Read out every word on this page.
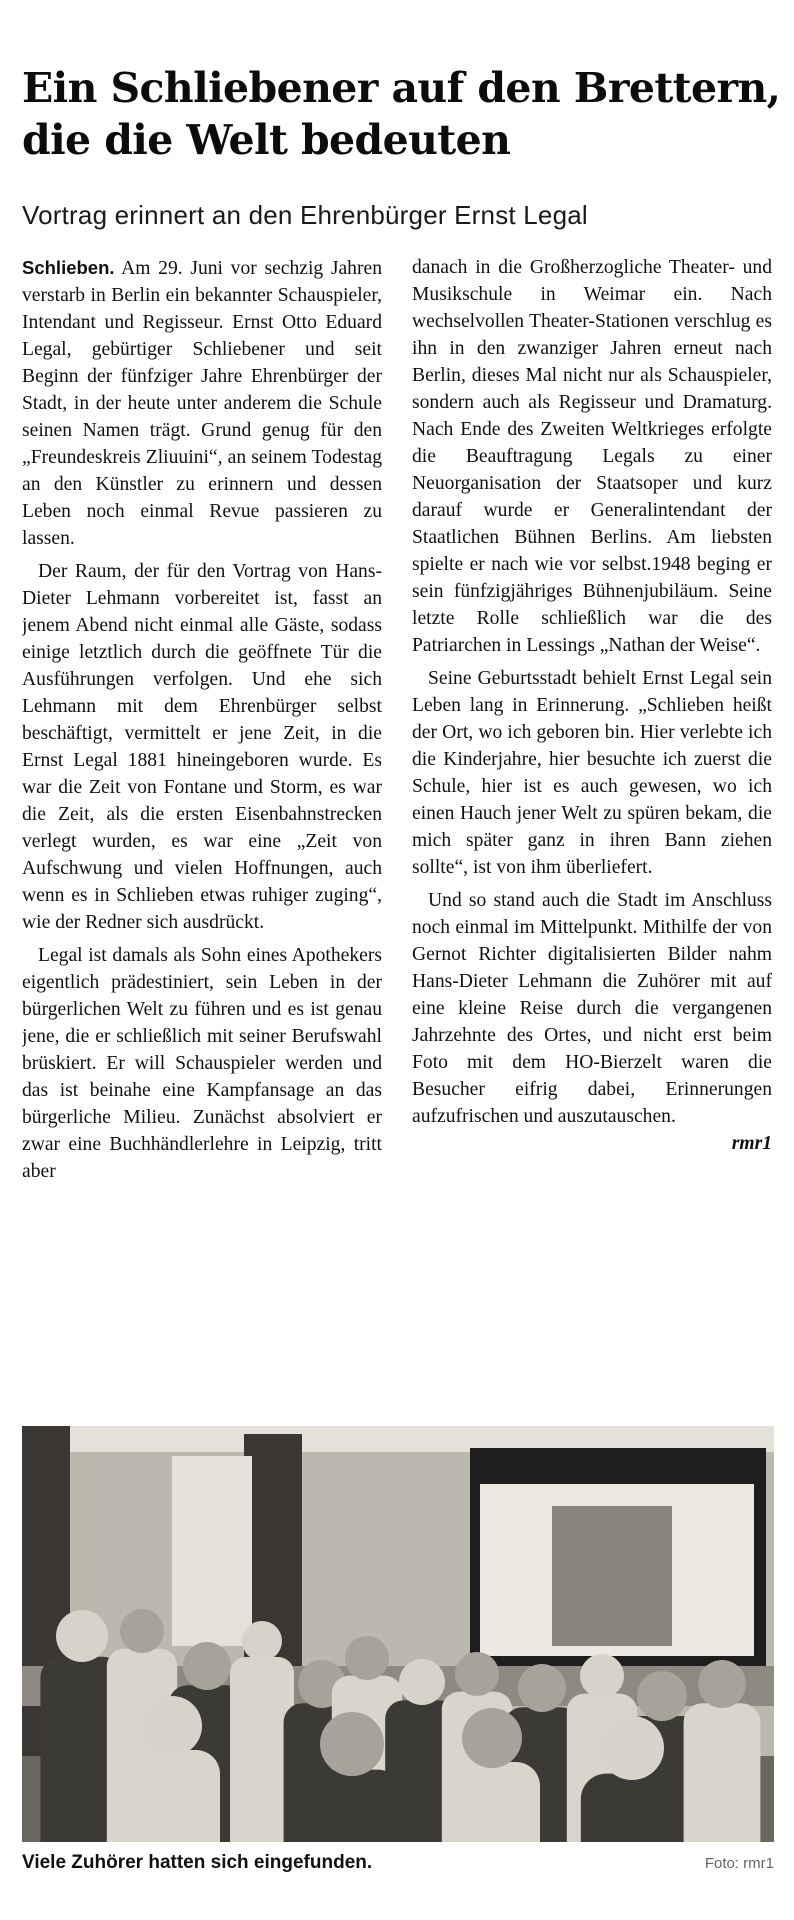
Ein Schliebener auf den Brettern,
die die Welt bedeuten
Vortrag erinnert an den Ehrenbürger Ernst Legal

Schlieben. Am 29. Juni vor sechzig Jahren verstarb in Berlin ein bekannter Schauspieler, Intendant und Regisseur. Ernst Otto Eduard Legal, gebürtiger Schliebener und seit Beginn der fünfziger Jahre Ehrenbürger der Stadt, in der heute unter anderem die Schule seinen Namen trägt. Grund genug für den „Freundeskreis Zliuuini“, an seinem Todestag an den Künstler zu erinnern und dessen Leben noch einmal Revue passieren zu lassen.

Der Raum, der für den Vortrag von Hans-Dieter Lehmann vorbereitet ist, fasst an jenem Abend nicht einmal alle Gäste, sodass einige letztlich durch die geöffnete Tür die Ausführungen verfolgen. Und ehe sich Lehmann mit dem Ehrenbürger selbst beschäftigt, vermittelt er jene Zeit, in die Ernst Legal 1881 hineingeboren wurde. Es war die Zeit von Fontane und Storm, es war die Zeit, als die ersten Eisenbahnstrecken verlegt wurden, es war eine „Zeit von Aufschwung und vielen Hoffnungen, auch wenn es in Schlieben etwas ruhiger zuging“, wie der Redner sich ausdrückt.

Legal ist damals als Sohn eines Apothekers eigentlich prädestiniert, sein Leben in der bürgerlichen Welt zu führen und es ist genau jene, die er schließlich mit seiner Berufswahl brüskiert. Er will Schauspieler werden und das ist beinahe eine Kampfansage an das bürgerliche Milieu. Zunächst absolviert er zwar eine Buchhändlerlehre in Leipzig, tritt aber

danach in die Großherzogliche Theater- und Musikschule in Weimar ein. Nach wechselvollen Theater-Stationen verschlug es ihn in den zwanziger Jahren erneut nach Berlin, dieses Mal nicht nur als Schauspieler, sondern auch als Regisseur und Dramaturg. Nach Ende des Zweiten Weltkrieges erfolgte die Beauftragung Legals zu einer Neuorganisation der Staatsoper und kurz darauf wurde er Generalintendant der Staatlichen Bühnen Berlins. Am liebsten spielte er nach wie vor selbst.1948 beging er sein fünfzigjähriges Bühnenjubiläum. Seine letzte Rolle schließlich war die des Patriarchen in Lessings „Nathan der Weise“.

Seine Geburtsstadt behielt Ernst Legal sein Leben lang in Erinnerung. „Schlieben heißt der Ort, wo ich geboren bin. Hier verlebte ich die Kinderjahre, hier besuchte ich zuerst die Schule, hier ist es auch gewesen, wo ich einen Hauch jener Welt zu spüren bekam, die mich später ganz in ihren Bann ziehen sollte“, ist von ihm überliefert.

Und so stand auch die Stadt im Anschluss noch einmal im Mittelpunkt. Mithilfe der von Gernot Richter digitalisierten Bilder nahm Hans-Dieter Lehmann die Zuhörer mit auf eine kleine Reise durch die vergangenen Jahrzehnte des Ortes, und nicht erst beim Foto mit dem HO-Bierzelt waren die Besucher eifrig dabei, Erinnerungen aufzufrischen und auszutauschen.
rmr1

Viele Zuhörer hatten sich eingefunden.	Foto: rmr1
